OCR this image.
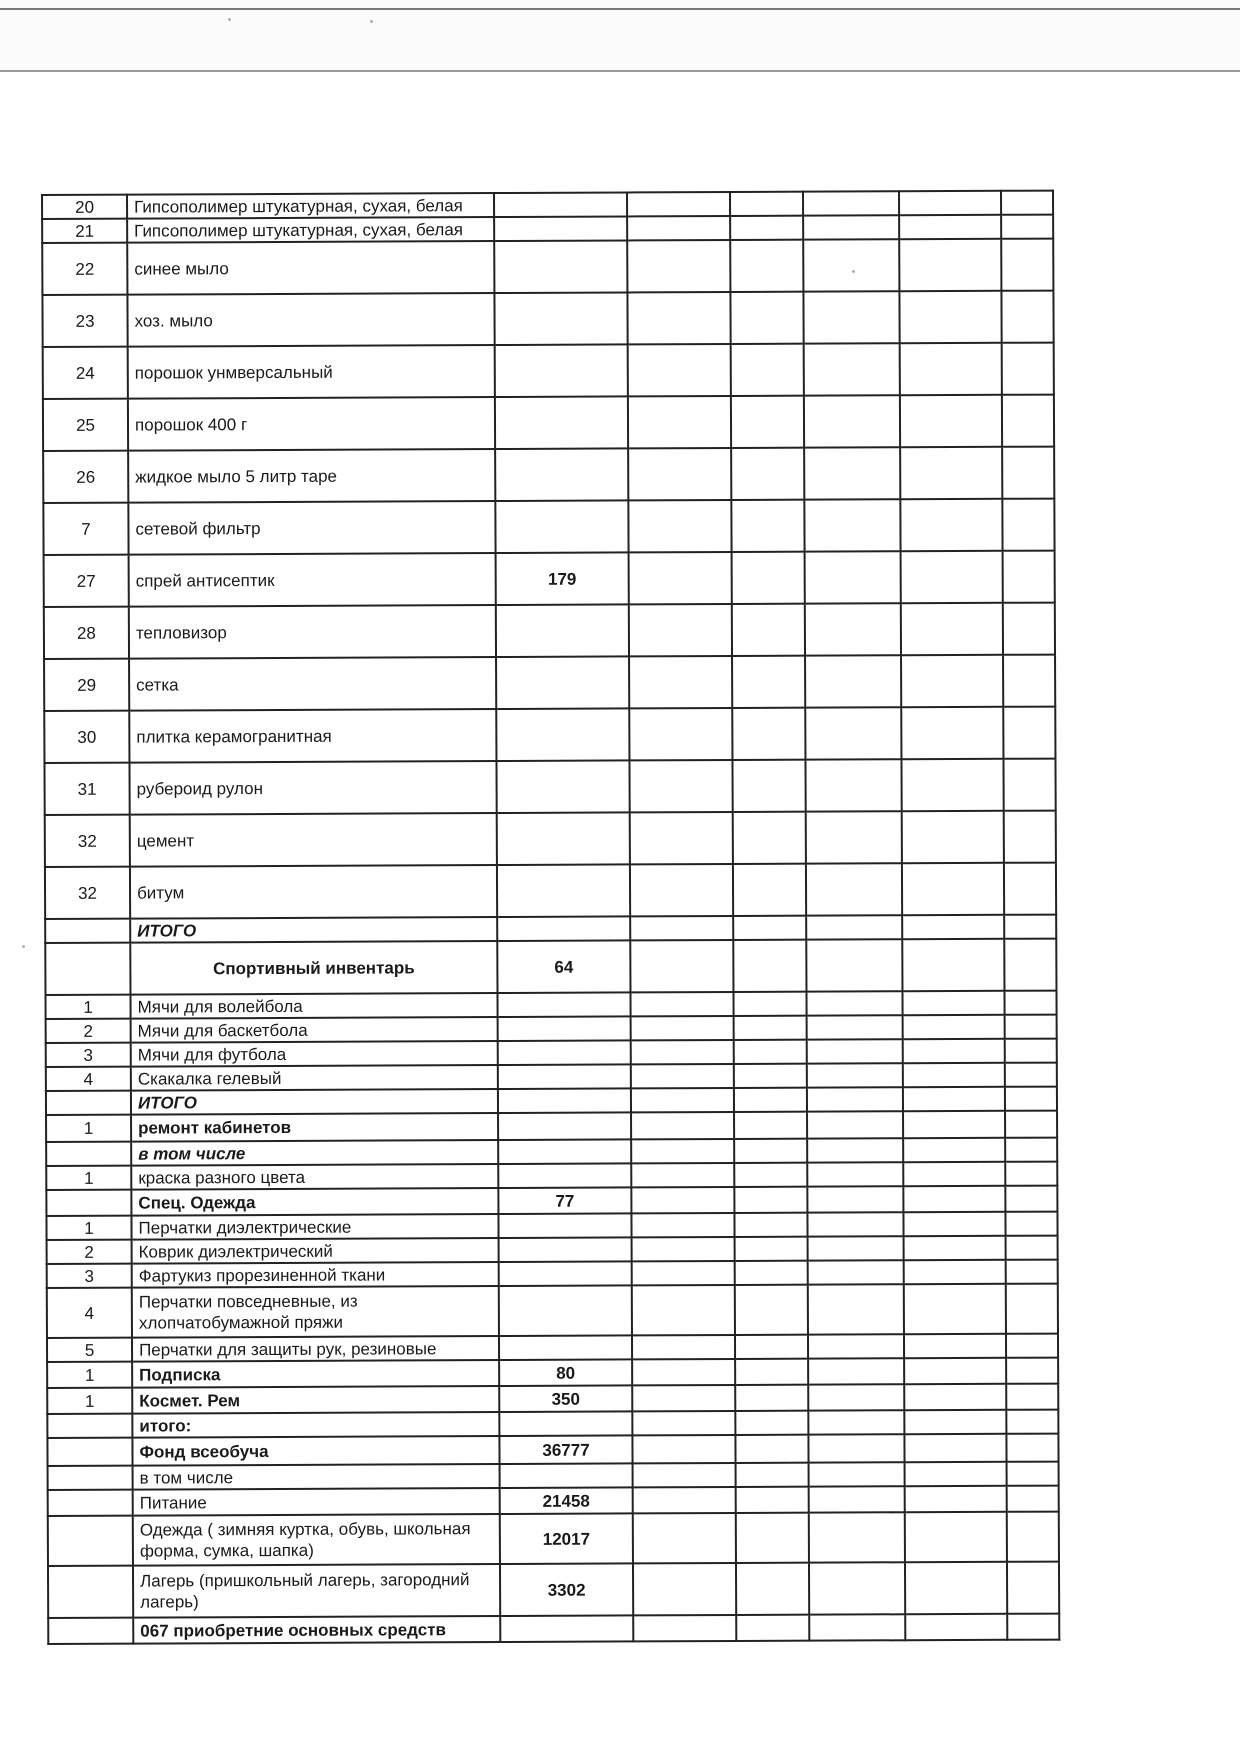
20	Гипсополимер штукатурная, сухая, белая						
21	Гипсополимер штукатурная, сухая, белая						
22	синее мыло						
23	хоз. мыло						
24	порошок унмверсальный						
25	порошок 400 г						
26	жидкое мыло 5 литр таре						
7	сетевой фильтр						
27	спрей антисептик	179					
28	тепловизор						
29	сетка						
30	плитка керамогранитная						
31	рубероид рулон						
32	цемент						
32	битум						
	ИТОГО						
	Спортивный инвентарь	64					
1	Мячи для волейбола						
2	Мячи для баскетбола						
3	Мячи для футбола						
4	Скакалка гелевый						
	ИТОГО						
1	ремонт кабинетов						
	в том числе						
1	краска разного цвета						
	Спец. Одежда	77					
1	Перчатки диэлектрические						
2	Коврик диэлектрический						
3	Фартукиз прорезиненной ткани						
4	Перчатки повседневные, из хлопчатобумажной пряжи						
5	Перчатки для защиты рук, резиновые						
1	Подписка	80					
1	Космет. Рем	350					
	итого:						
	Фонд всеобуча	36777					
	в том числе						
	Питание	21458					
	Одежда ( зимняя куртка, обувь, школьная форма, сумка, шапка)	12017					
	Лагерь (пришкольный лагерь, загородний лагерь)	3302					
	067 приобретние основных средств						
